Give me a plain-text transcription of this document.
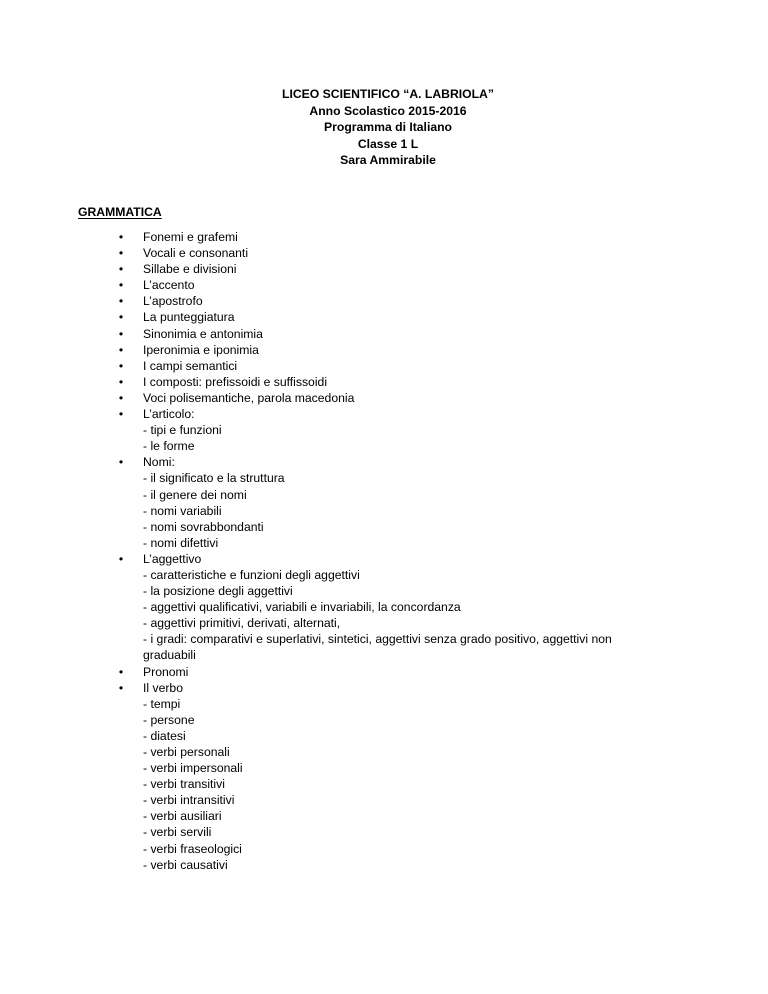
LICEO SCIENTIFICO “A. LABRIOLA”
Anno Scolastico 2015-2016
Programma di Italiano
Classe 1 L
Sara Ammirabile
GRAMMATICA
• Fonemi e grafemi
• Vocali e consonanti
• Sillabe e divisioni
• L’accento
• L’apostrofo
• La punteggiatura
• Sinonimia e antonimia
• Iperonimia e iponimia
• I campi semantici
• I composti: prefissoidi e suffissoidi
• Voci polisemantiche, parola macedonia
• L’articolo:
- tipi e funzioni
- le forme
• Nomi:
- il significato e la struttura
- il genere dei nomi
- nomi variabili
- nomi sovrabbondanti
- nomi difettivi
• L’aggettivo
- caratteristiche e funzioni degli aggettivi
- la posizione degli aggettivi
- aggettivi qualificativi, variabili e invariabili, la concordanza
- aggettivi primitivi, derivati, alternati,
- i gradi: comparativi e superlativi, sintetici, aggettivi senza grado positivo, aggettivi non graduabili
• Pronomi
• Il verbo
- tempi
- persone
- diatesi
- verbi personali
- verbi impersonali
- verbi transitivi
- verbi intransitivi
- verbi ausiliari
- verbi servili
- verbi fraseologici
- verbi causativi
